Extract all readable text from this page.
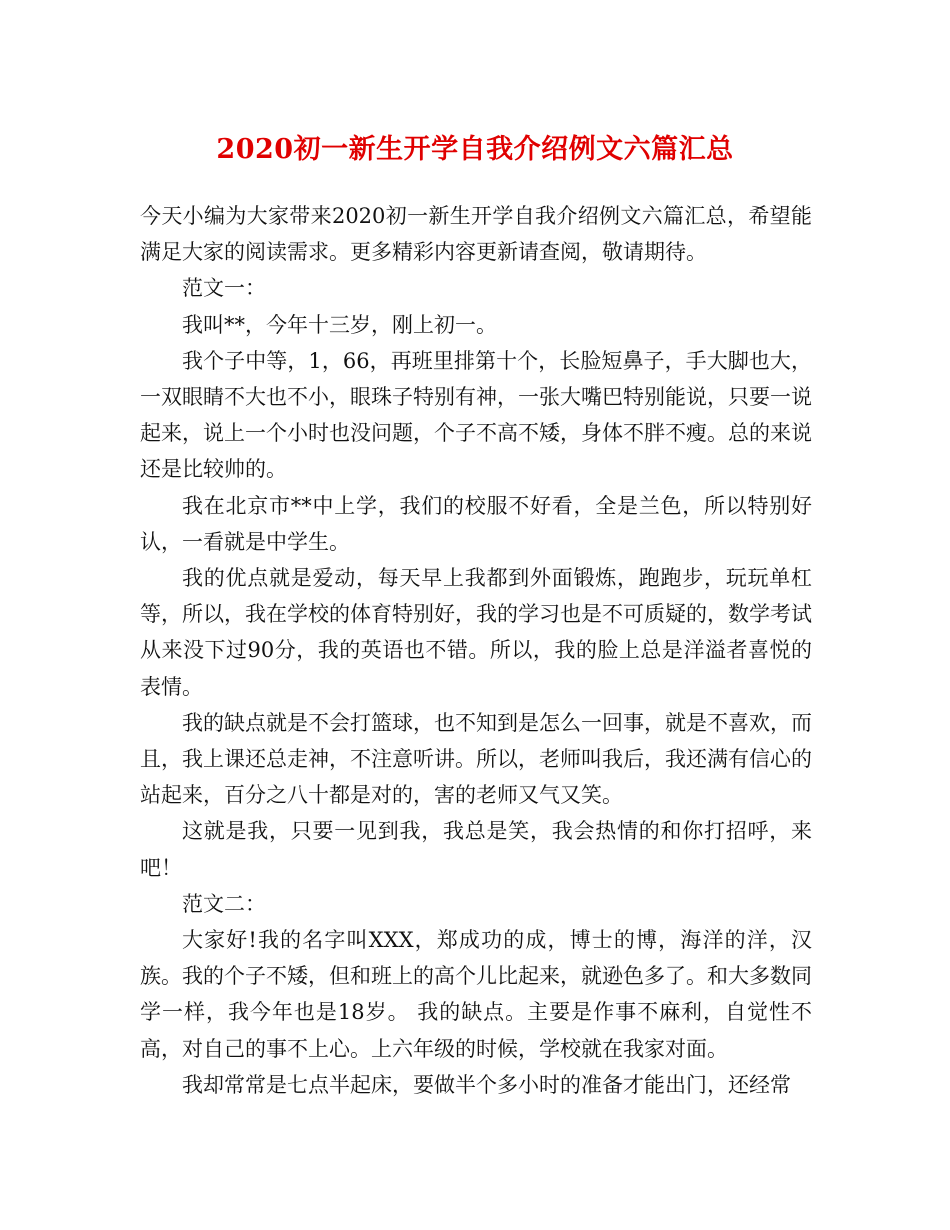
2020初一新生开学自我介绍例文六篇汇总

今天小编为大家带来2020初一新生开学自我介绍例文六篇汇总，希望能满足大家的阅读需求。更多精彩内容更新请查阅，敬请期待。

范文一：

我叫**，今年十三岁，刚上初一。

我个子中等，1，66，再班里排第十个，长脸短鼻子，手大脚也大，一双眼睛不大也不小，眼珠子特别有神，一张大嘴巴特别能说，只要一说起来，说上一个小时也没问题，个子不高不矮，身体不胖不瘦。总的来说还是比较帅的。

我在北京市**中上学，我们的校服不好看，全是兰色，所以特别好认，一看就是中学生。

我的优点就是爱动，每天早上我都到外面锻炼，跑跑步，玩玩单杠等，所以，我在学校的体育特别好，我的学习也是不可质疑的，数学考试从来没下过90分，我的英语也不错。所以，我的脸上总是洋溢者喜悦的表情。

我的缺点就是不会打篮球，也不知到是怎么一回事，就是不喜欢，而且，我上课还总走神，不注意听讲。所以，老师叫我后，我还满有信心的站起来，百分之八十都是对的，害的老师又气又笑。

这就是我，只要一见到我，我总是笑，我会热情的和你打招呼，来吧！

范文二：

大家好!我的名字叫XXX，郑成功的成，博士的博，海洋的洋，汉族。我的个子不矮，但和班上的高个儿比起来，就逊色多了。和大多数同学一样，我今年也是18岁。 我的缺点。主要是作事不麻利，自觉性不高，对自己的事不上心。上六年级的时候，学校就在我家对面。

我却常常是七点半起床，要做半个多小时的准备才能出门，还经常
